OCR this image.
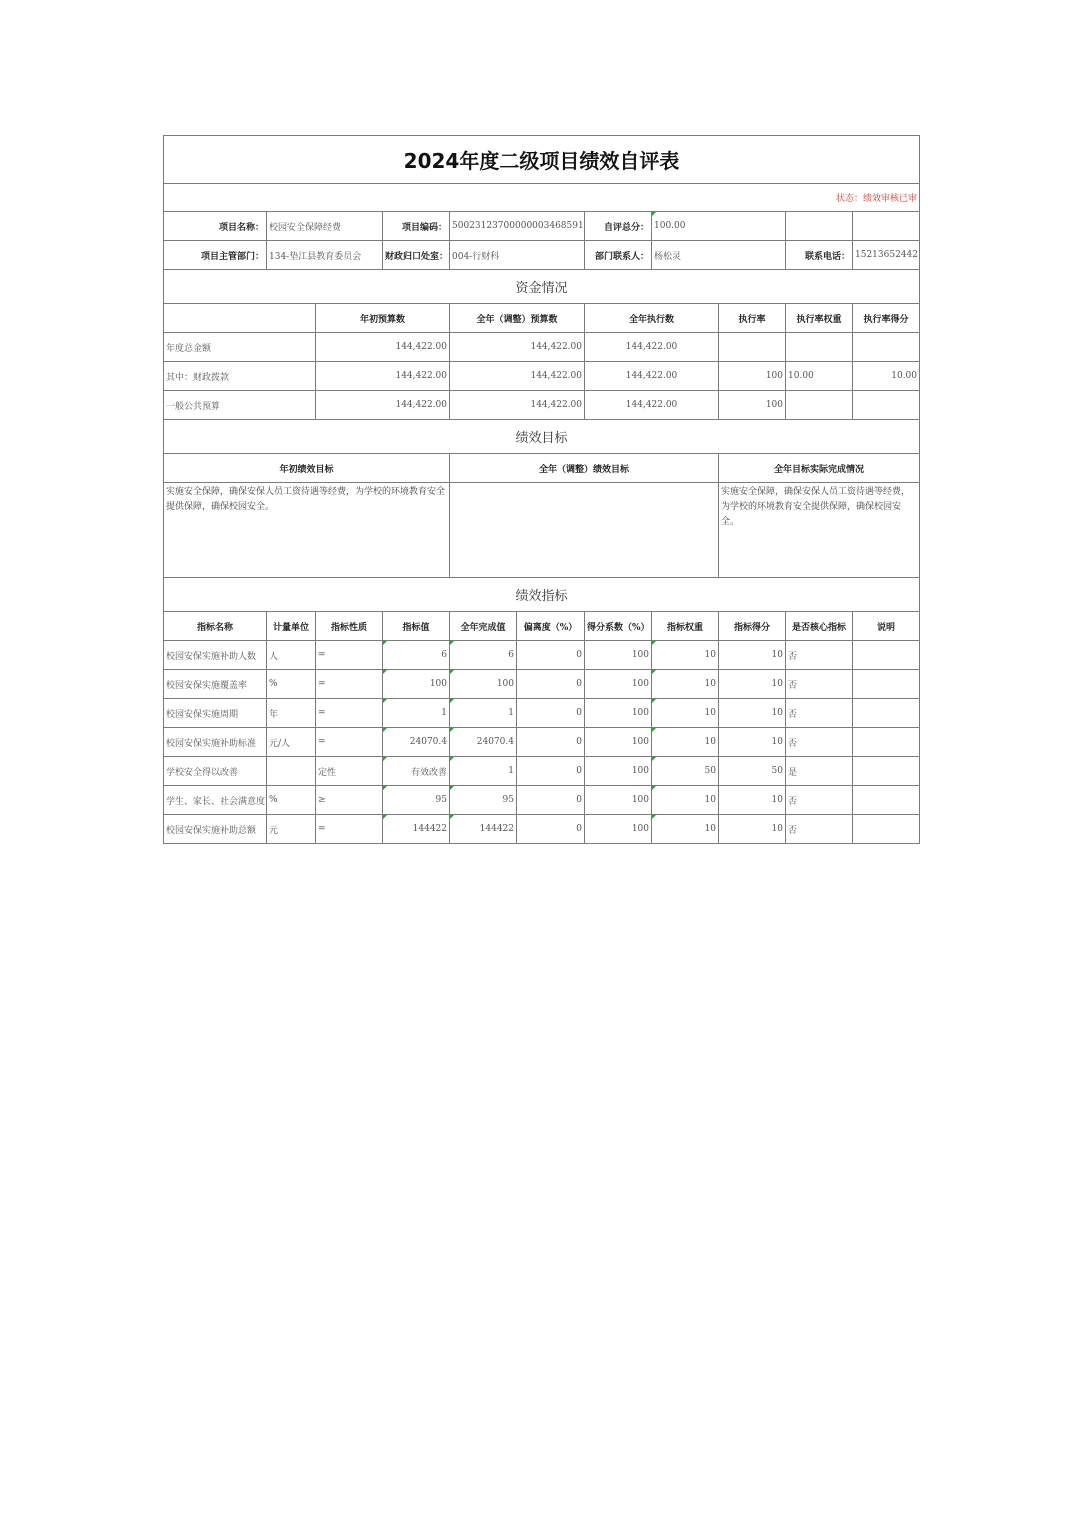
2024年度二级项目绩效自评表										
状态：绩效审核已审										
项目名称：	校园安全保障经费		项目编码：	50023123700000003468591		自评总分：	100.00			
项目主管部门：	134-垫江县教育委员会		财政归口处室：	004-行财科		部门联系人：	杨松灵		联系电话：	15213652442
资金情况										
		年初预算数		全年（调整）预算数		全年执行数		执行率	执行率权重	执行率得分
年度总金额		144,422.00		144,422.00		144,422.00				
其中：财政拨款		144,422.00		144,422.00		144,422.00		100	10.00	10.00
一般公共预算		144,422.00		144,422.00		144,422.00		100		
绩效目标										
年初绩效目标				全年（调整）绩效目标				全年目标实际完成情况		
实施安全保障，确保安保人员工资待遇等经费，为学校的环境教育安全提供保障，确保校园安全。								实施安全保障，确保安保人员工资待遇等经费，为学校的环境教育安全提供保障，确保校园安全。		
绩效指标										
指标名称	计量单位	指标性质	指标值	全年完成值	偏离度（%）	得分系数（%）	指标权重	指标得分	是否核心指标	说明
校园安保实施补助人数	人	=	6	6	0	100	10	10	否	
校园安保实施覆盖率	%	=	100	100	0	100	10	10	否	
校园安保实施周期	年	=	1	1	0	100	10	10	否	
校园安保实施补助标准	元/人	=	24070.4	24070.4	0	100	10	10	否	
学校安全得以改善		定性	有效改善	1	0	100	50	50	是	
学生、家长、社会满意度	%	≥	95	95	0	100	10	10	否	
校园安保实施补助总额	元	=	144422	144422	0	100	10	10	否	
